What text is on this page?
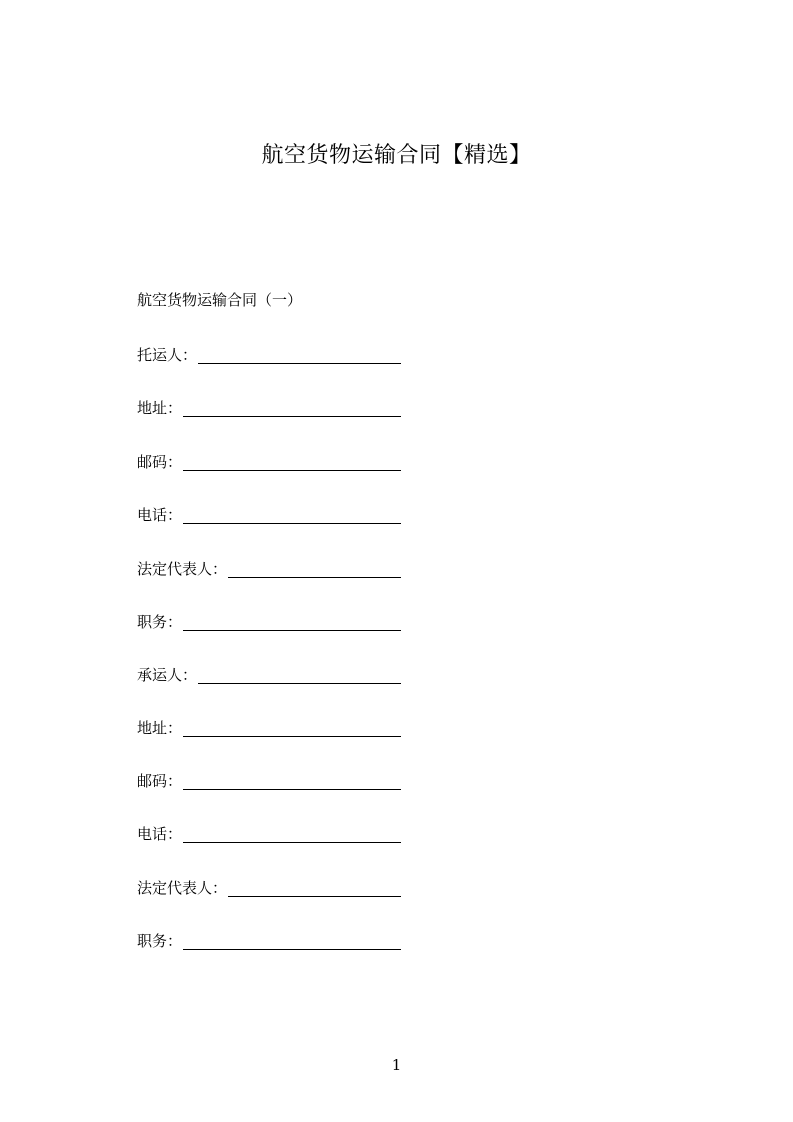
航空货物运输合同【精选】
航空货物运输合同（一）
托运人：
地址：
邮码：
电话：
法定代表人：
职务：
承运人：
地址：
邮码：
电话：
法定代表人：
职务：
1
